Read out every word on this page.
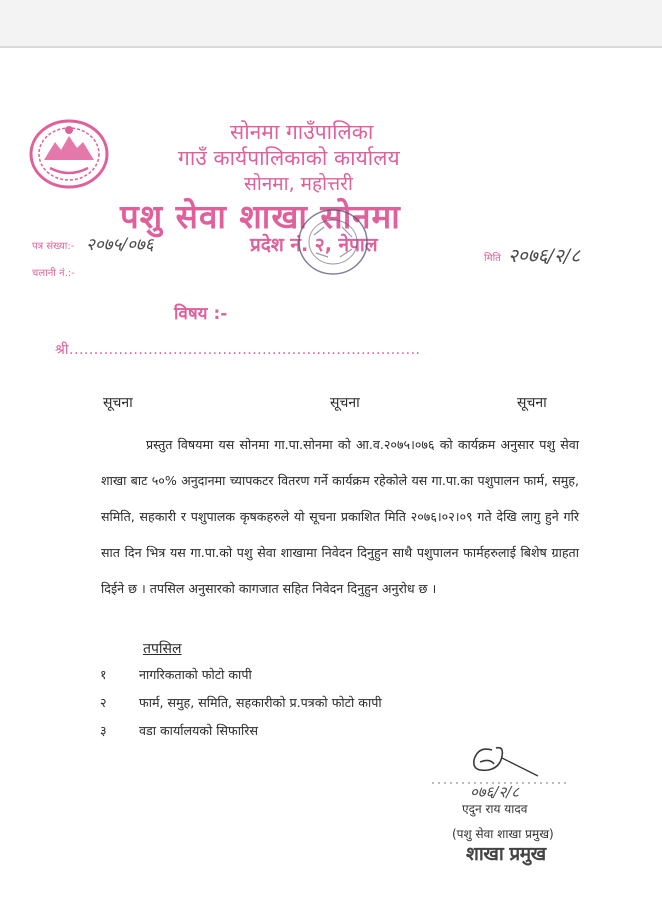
सोनमा गाउँपालिका
गाउँ कार्यपालिकाको कार्यालय
सोनमा, महोत्तरी
पशु सेवा शाखा सोनमा
प्रदेश नं. २, नेपाल
पत्र संख्या:- २०७५/०७६
चलानी नं.:-
मिति २०७६/२/८
विषय :-
श्री.......................................................................
सूचना	सूचना	सूचना

प्रस्तुत विषयमा यस सोनमा गा.पा.सोनमा को आ.व.२०७५।०७६ को कार्यक्रम अनुसार पशु सेवा शाखा बाट ५०% अनुदानमा च्यापकटर वितरण गर्ने कार्यक्रम रहेकोले यस गा.पा.का पशुपालन फार्म, समुह, समिति, सहकारी र पशुपालक कृषकहरुले यो सूचना प्रकाशित मिति २०७६।०२।०९ गते देखि लागु हुने गरि सात दिन भित्र यस गा.पा.को पशु सेवा शाखामा निवेदन दिनुहुन साथै पशुपालन फार्महरुलाई बिशेष ग्राहता दिईने छ । तपसिल अनुसारको कागजात सहित निवेदन दिनुहुन अनुरोध छ ।

तपसिल
१	नागरिकताको फोटो कापी
२	फार्म, समुह, समिति, सहकारीको प्र.पत्रको फोटो कापी
३	वडा कार्यालयको सिफारिस
०७६/२/८
एदुन राय यादव
(पशु सेवा शाखा प्रमुख)
शाखा प्रमुख
